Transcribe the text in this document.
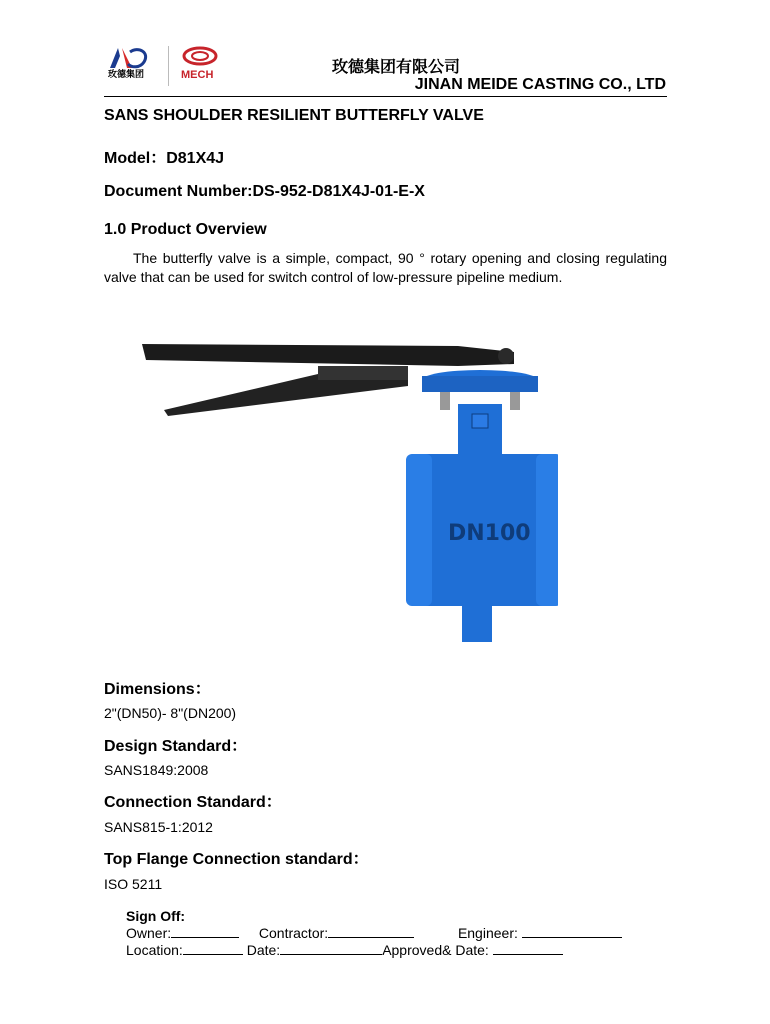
玫德集团	MECH	玫德集团有限公司
JINAN MEIDE CASTING CO., LTD
SANS SHOULDER RESILIENT BUTTERFLY VALVE
Model：D81X4J
Document Number:DS-952-D81X4J-01-E-X
1.0 Product Overview
The butterfly valve is a simple, compact, 90 ° rotary opening and closing regulating valve that can be used for switch control of low-pressure pipeline medium.
DN100
Dimensions：
2"(DN50)- 8"(DN200)
Design Standard：
SANS1849:2008
Connection Standard：
SANS815-1:2012
Top Flange Connection standard：
ISO 5211
Sign Off:
Owner:	Contractor:	Engineer:
Location:	Date:	Approved& Date:
